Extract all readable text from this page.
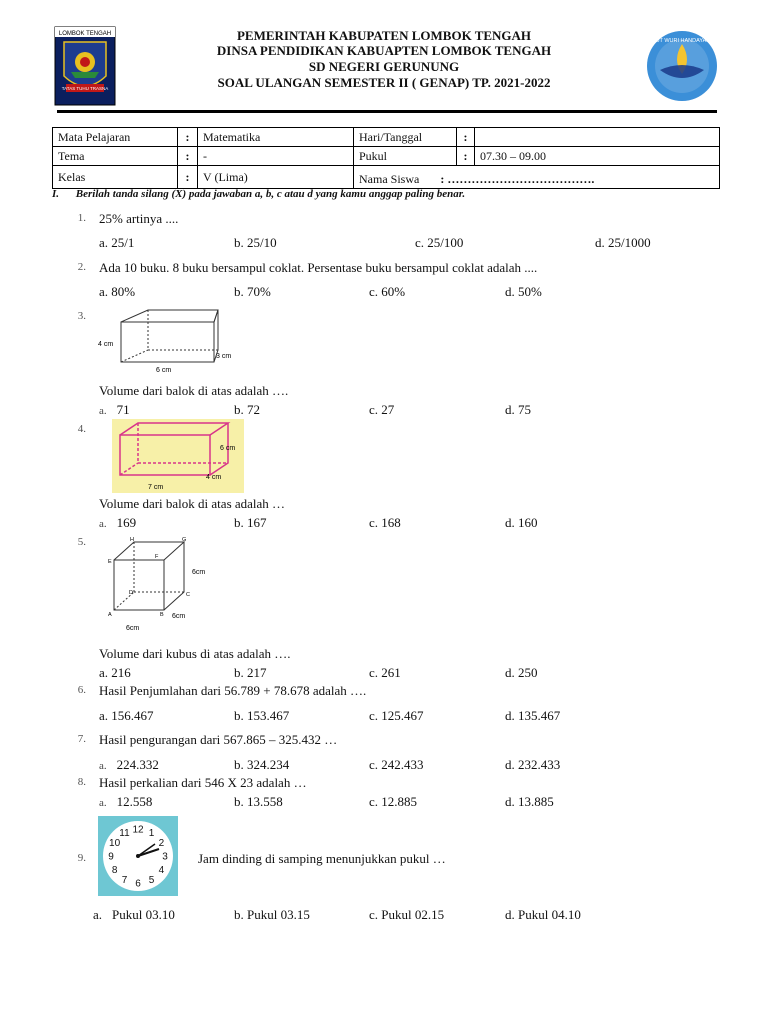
LOMBOK TENGAH
TATAS TUHU TRASNA
TUT WURI HANDAYANI
PEMERINTAH KABUPATEN LOMBOK TENGAH
DINSA PENDIDIKAN KABUAPTEN LOMBOK TENGAH
SD NEGERI GERUNUNG
SOAL ULANGAN SEMESTER II ( GENAP) TP. 2021-2022
Mata Pelajaran	:	Matematika	Hari/Tanggal	:	
Tema	:	-	Pukul	:	07.30 – 09.00
Kelas	:	V (Lima)	Nama Siswa : ……………………………….		
I. Berilah tanda silang (X) pada jawaban a, b, c atau d yang kamu anggap paling benar.
1. 25% artinya ....
a. 25/1	b. 25/10	c. 25/100	d. 25/1000
2. Ada 10 buku. 8 buku bersampul coklat. Persentase buku bersampul coklat adalah ....
a. 80%	b. 70%	c. 60%	d. 50%
3.
4 cm
6 cm
3 cm
Volume dari balok di atas adalah ….
a. 71	b. 72	c. 27	d. 75
4.
6 cm
4 cm
7 cm
Volume dari balok di atas adalah …
a. 169	b. 167	c. 168	d. 160
5.	H	G
E
F
D	C
A	B
6cm
6cm
6cm
Volume dari kubus di atas adalah ….
a. 216	b. 217	c. 261	d. 250
6. Hasil Penjumlahan dari 56.789 + 78.678 adalah ….
a. 156.467	b. 153.467	c. 125.467	d. 135.467
7. Hasil pengurangan dari 567.865 – 325.432 …
a. 224.332	b. 324.234	c. 242.433	d. 232.433
8. Hasil perkalian dari 546 X 23 adalah …
a. 12.558	b. 13.558	c. 12.885	d. 13.885
12 1
2
3
4
5
6
7
8
9
10
11
9.	Jam dinding di samping menunjukkan pukul …
a. Pukul 03.10	b. Pukul 03.15	c. Pukul 02.15	d. Pukul 04.10
